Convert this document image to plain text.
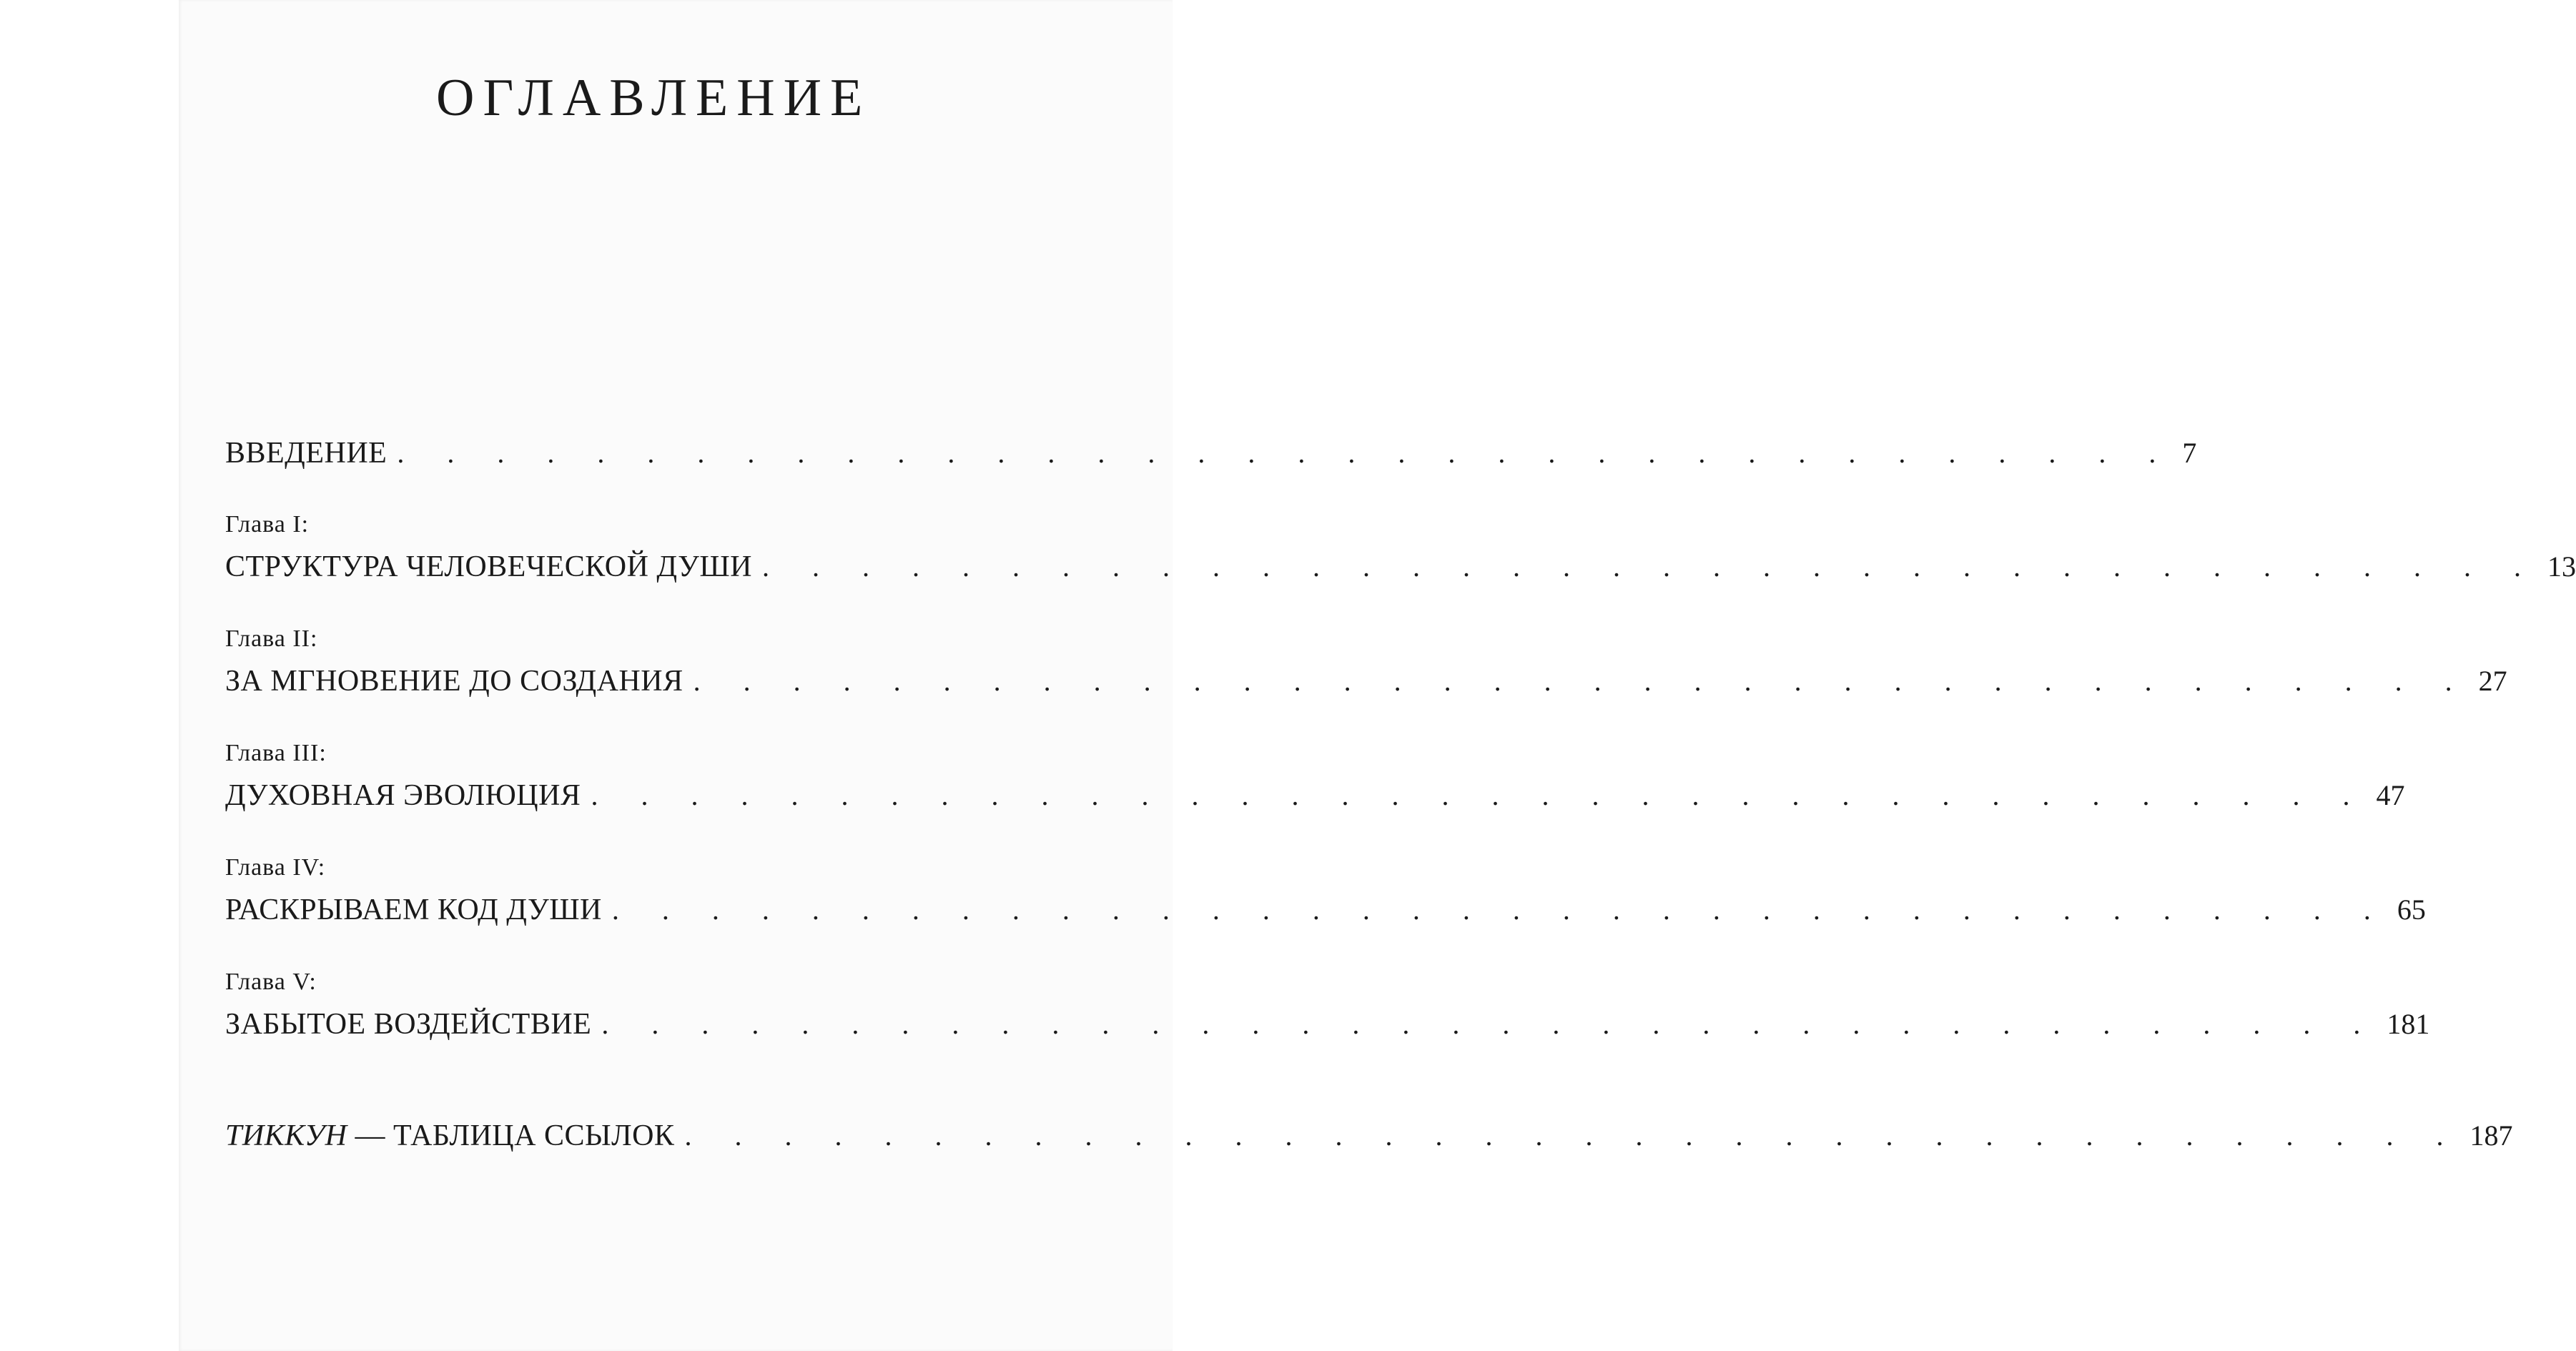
ОГЛАВЛЕНИЕ
ВВЕДЕНИЕ . . . . . . . . . . . . . . . . . . . . . . . . . . . . . . . . . . . . 7
Глава I:
СТРУКТУРА ЧЕЛОВЕЧЕСКОЙ ДУШИ . . . . . . . . . . . . . . . . . . . . . . . . . . . . . . . . . . . . 13
Глава II:
ЗА МГНОВЕНИЕ ДО СОЗДАНИЯ . . . . . . . . . . . . . . . . . . . . . . . . . . . . . . . . . . . . 27
Глава III:
ДУХОВНАЯ ЭВОЛЮЦИЯ . . . . . . . . . . . . . . . . . . . . . . . . . . . . . . . . . . . . 47
Глава IV:
РАСКРЫВАЕМ КОД ДУШИ . . . . . . . . . . . . . . . . . . . . . . . . . . . . . . . . . . . . 65
Глава V:
ЗАБЫТОЕ ВОЗДЕЙСТВИЕ . . . . . . . . . . . . . . . . . . . . . . . . . . . . . . . . . . . . 181
ТИККУН — ТАБЛИЦА ССЫЛОК . . . . . . . . . . . . . . . . . . . . . . . . . . . . . . . . . . . . 187
